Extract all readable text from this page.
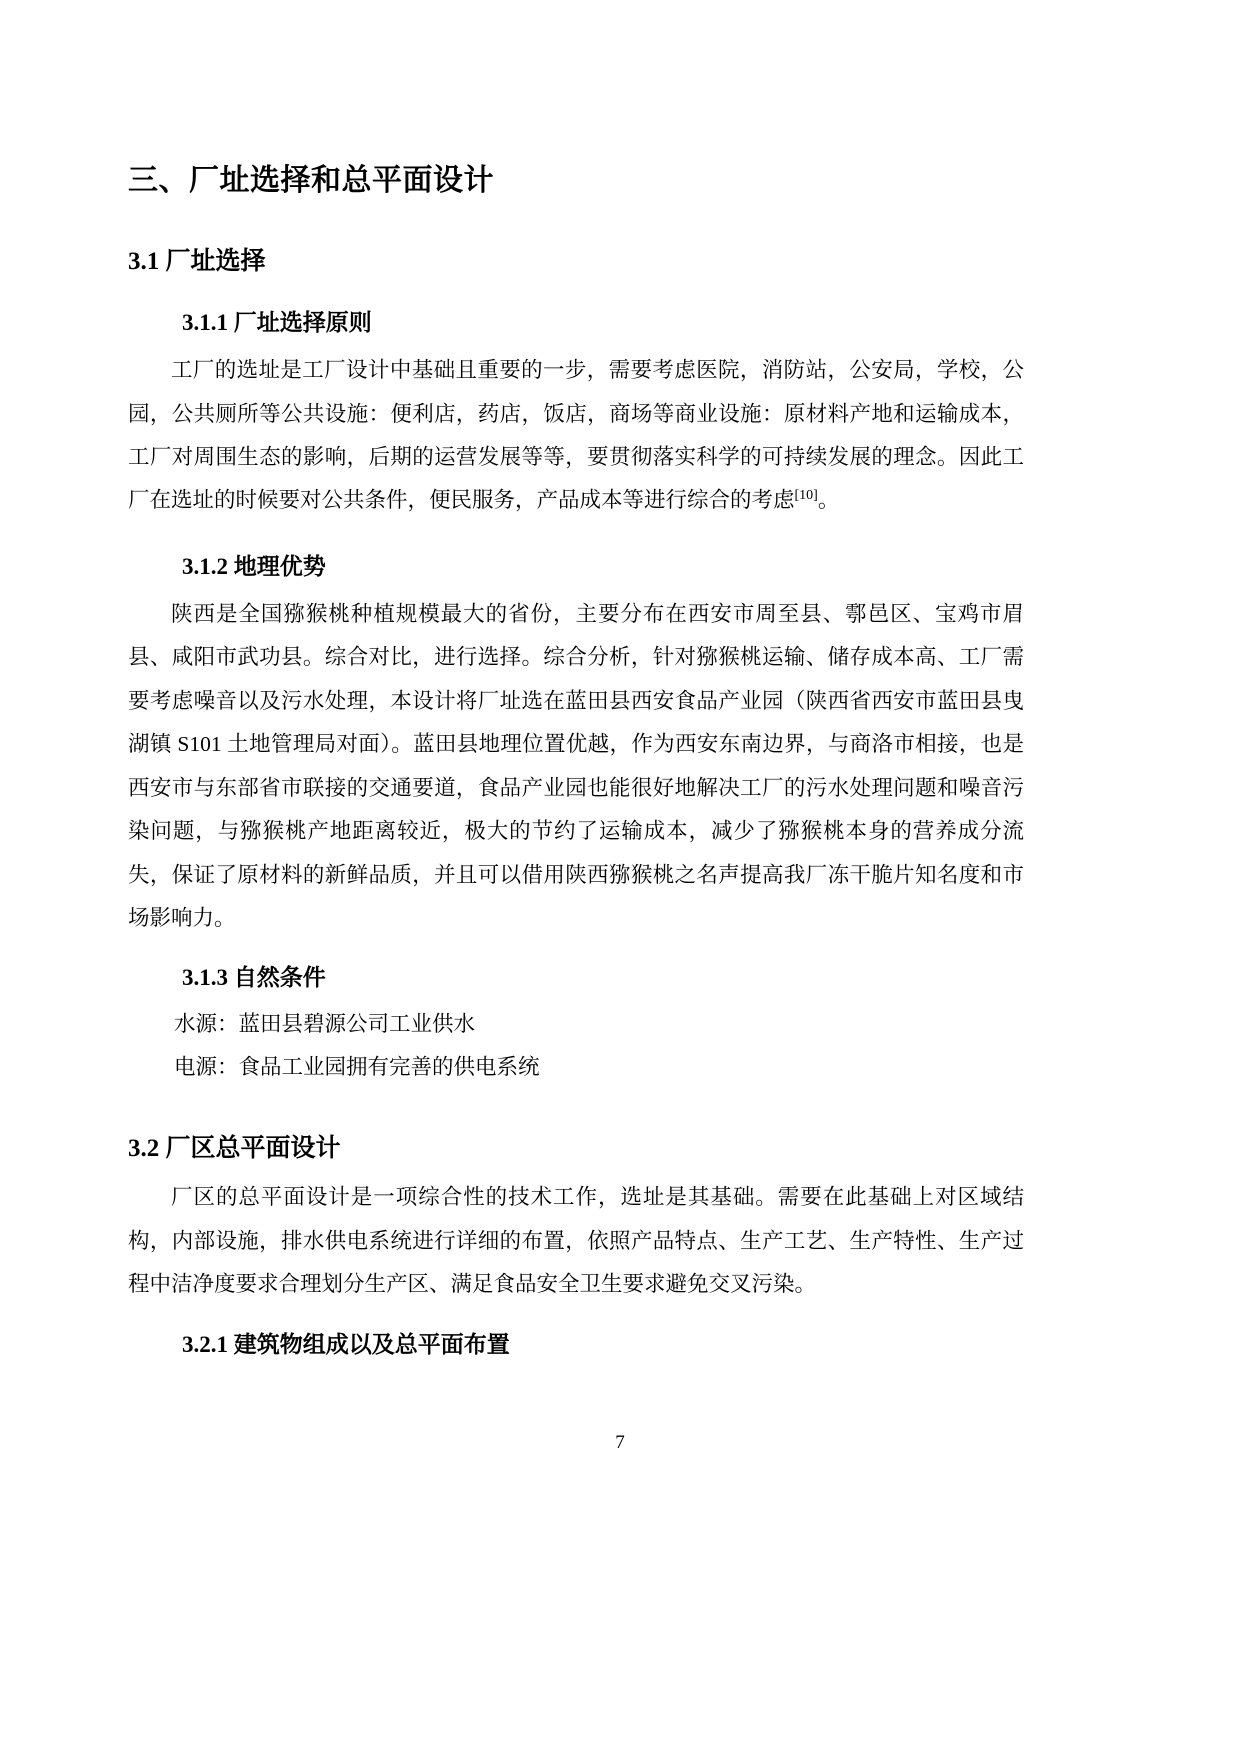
三、厂址选择和总平面设计
3.1 厂址选择
3.1.1 厂址选择原则

工厂的选址是工厂设计中基础且重要的一步，需要考虑医院，消防站，公安局，学校，公园，公共厕所等公共设施：便利店，药店，饭店，商场等商业设施：原材料产地和运输成本，工厂对周围生态的影响，后期的运营发展等等，要贯彻落实科学的可持续发展的理念。因此工厂在选址的时候要对公共条件，便民服务，产品成本等进行综合的考虑[10]。

3.1.2 地理优势

陕西是全国猕猴桃种植规模最大的省份，主要分布在西安市周至县、鄠邑区、宝鸡市眉县、咸阳市武功县。综合对比，进行选择。综合分析，针对猕猴桃运输、储存成本高、工厂需要考虑噪音以及污水处理，本设计将厂址选在蓝田县西安食品产业园（陕西省西安市蓝田县曳湖镇 S101 土地管理局对面）。蓝田县地理位置优越，作为西安东南边界，与商洛市相接，也是西安市与东部省市联接的交通要道，食品产业园也能很好地解决工厂的污水处理问题和噪音污染问题，与猕猴桃产地距离较近，极大的节约了运输成本，减少了猕猴桃本身的营养成分流失，保证了原材料的新鲜品质，并且可以借用陕西猕猴桃之名声提高我厂冻干脆片知名度和市场影响力。

3.1.3 自然条件

水源：蓝田县碧源公司工业供水

电源：食品工业园拥有完善的供电系统

3.2 厂区总平面设计

厂区的总平面设计是一项综合性的技术工作，选址是其基础。需要在此基础上对区域结构，内部设施，排水供电系统进行详细的布置，依照产品特点、生产工艺、生产特性、生产过程中洁净度要求合理划分生产区、满足食品安全卫生要求避免交叉污染。

3.2.1 建筑物组成以及总平面布置
7
